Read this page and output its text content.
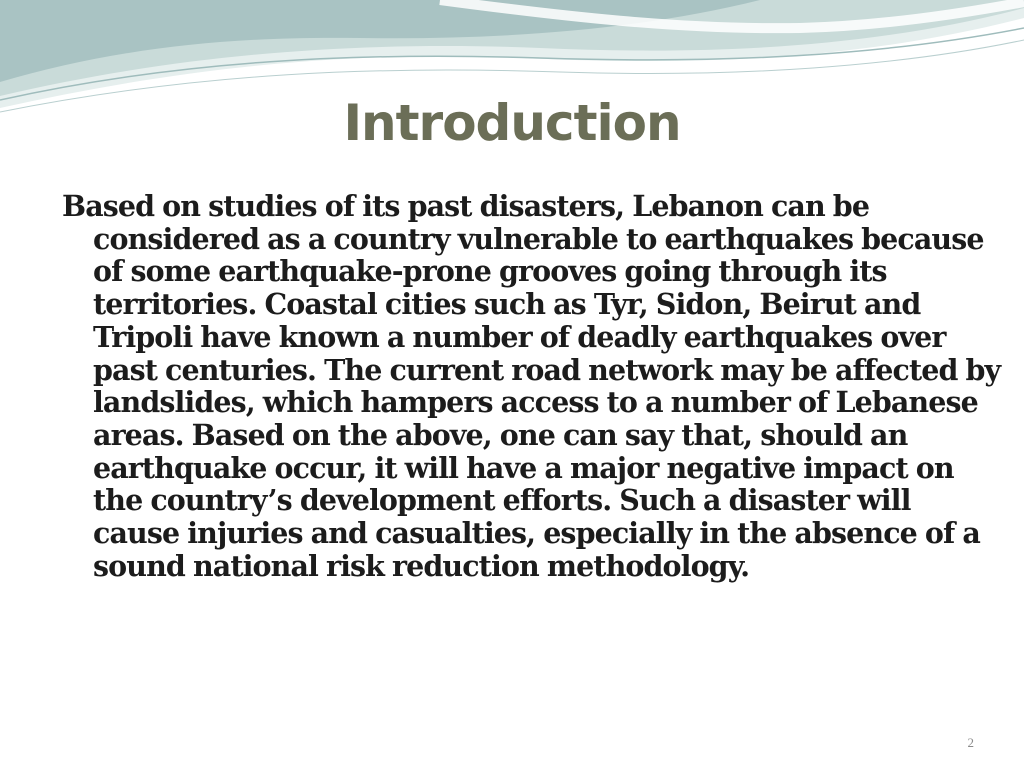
Introduction

Based on studies of its past disasters, Lebanon can be considered as a country vulnerable to earthquakes because of some earthquake-prone grooves going through its territories. Coastal cities such as Tyr, Sidon, Beirut and Tripoli have known a number of deadly earthquakes over past centuries. The current road network may be affected by landslides, which hampers access to a number of Lebanese areas. Based on the above, one can say that, should an earthquake occur, it will have a major negative impact on the country’s development efforts. Such a disaster will cause injuries and casualties, especially in the absence of a sound national risk reduction methodology.

2
